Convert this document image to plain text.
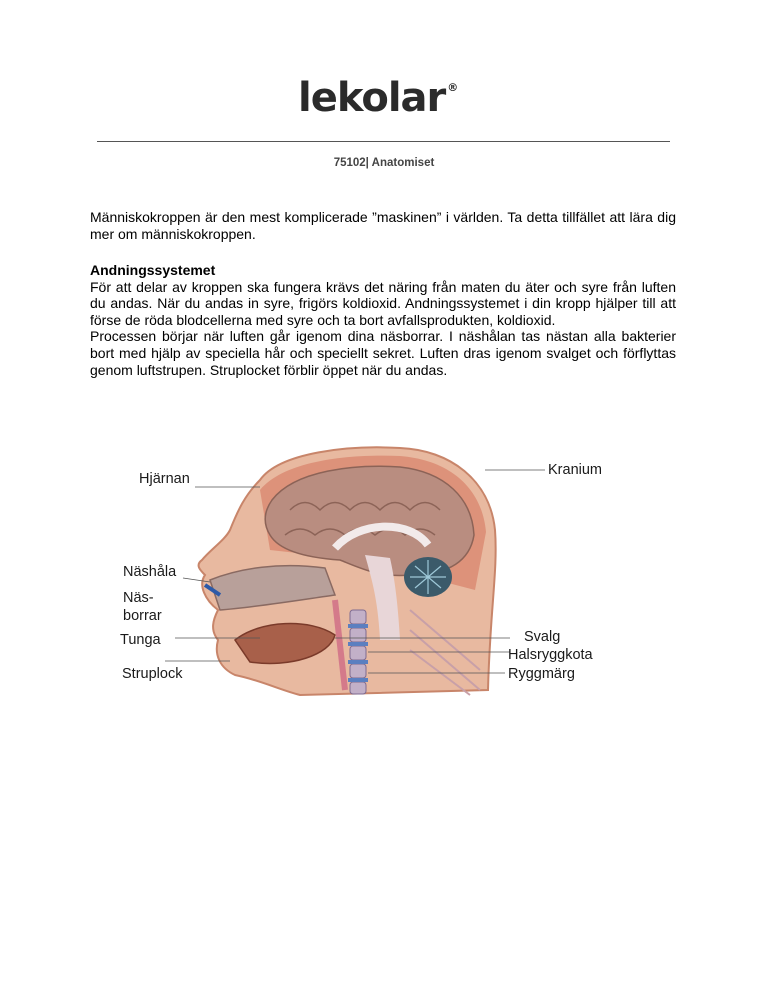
lekolar ®
75102| Anatomiset
Människokroppen är den mest komplicerade ”maskinen” i världen. Ta detta tillfället att lära dig mer om människokroppen.
Andningssystemet

För att delar av kroppen ska fungera krävs det näring från maten du äter och syre från luften du andas. När du andas in syre, frigörs koldioxid. Andningssystemet i din kropp hjälper till att förse de röda blodcellerna med syre och ta bort avfallsprodukten, koldioxid.

Processen börjar när luften går igenom dina näsborrar. I näshålan tas nästan alla bakterier bort med hjälp av speciella hår och speciellt sekret. Luften dras igenom svalget och förflyttas genom luftstrupen. Struplocket förblir öppet när du andas.

Hjärnan
Kranium
Näshåla
Näs-
borrar
Tunga	Svalg
Halsryggkota
Struplock	Ryggmärg
